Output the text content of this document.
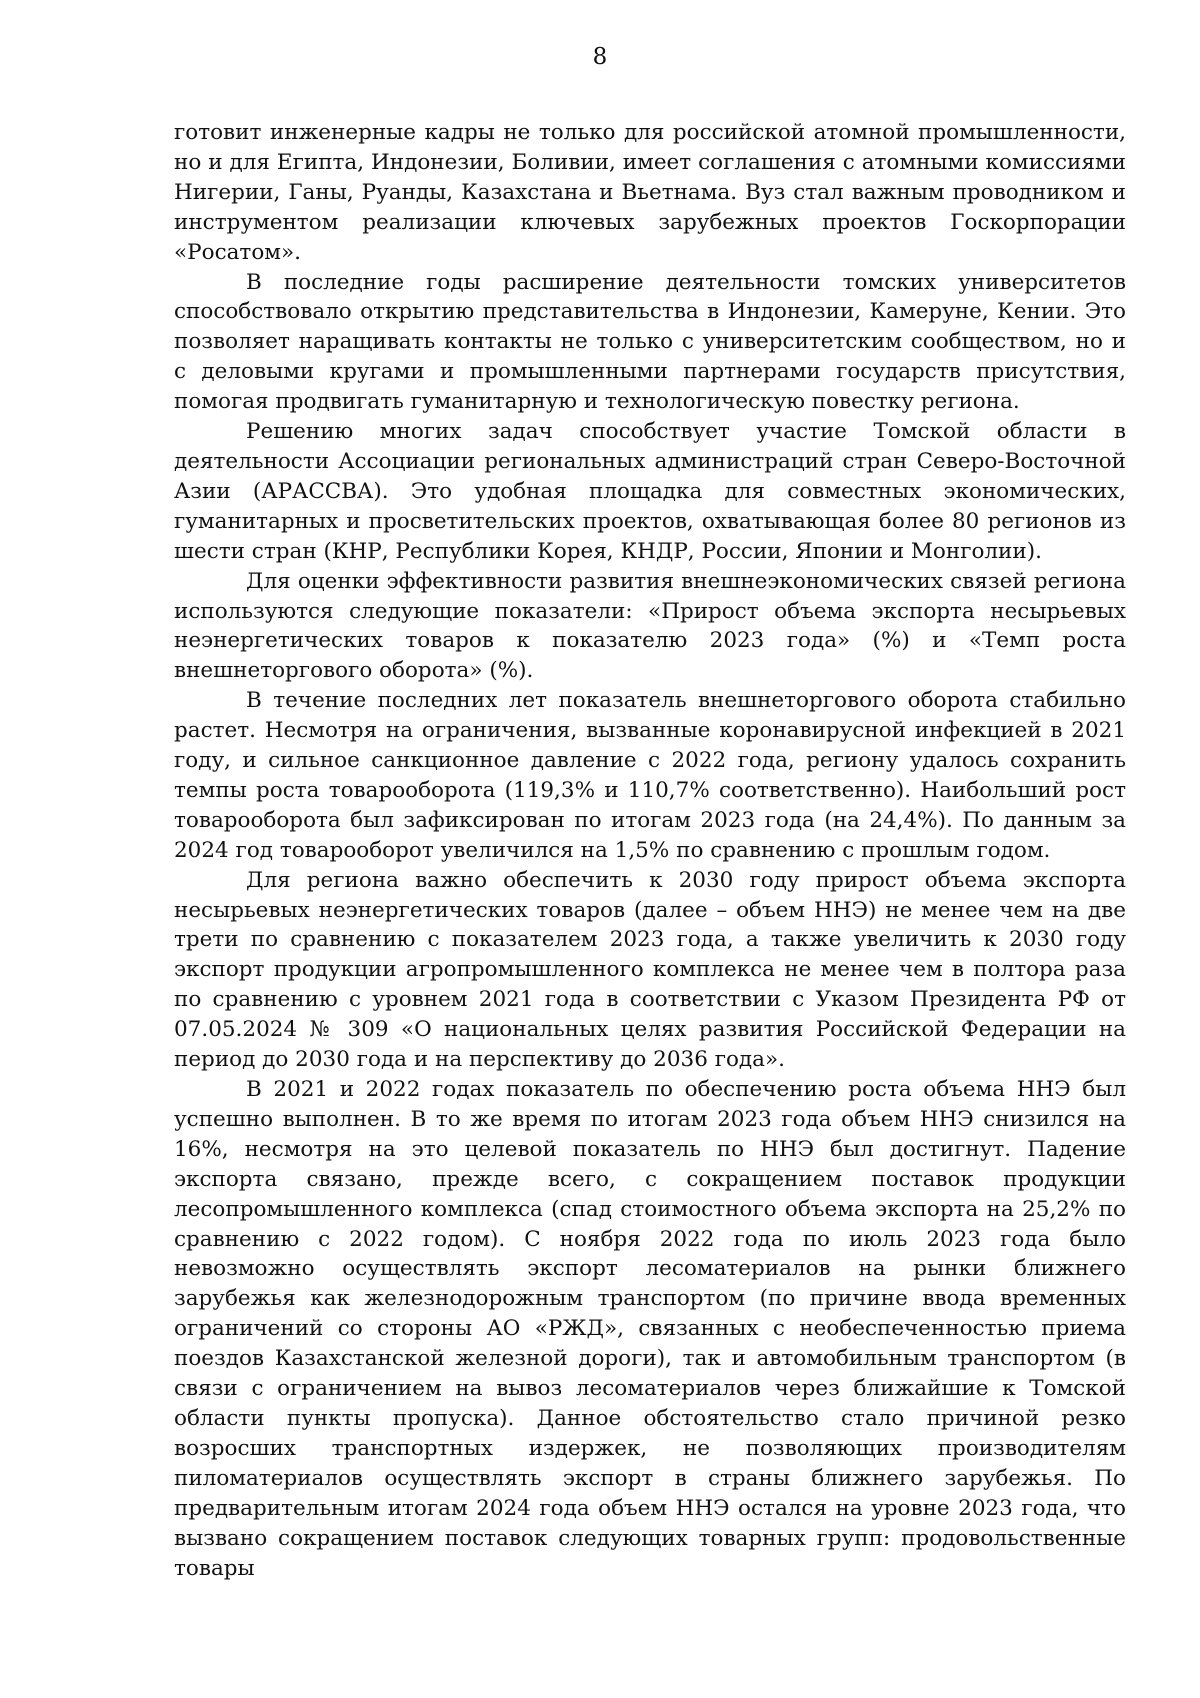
8

готовит инженерные кадры не только для российской атомной промышленности, но и для Египта, Индонезии, Боливии, имеет соглашения с атомными комиссиями Нигерии, Ганы, Руанды, Казахстана и Вьетнама. Вуз стал важным проводником и инструментом реализации ключевых зарубежных проектов Госкорпорации «Росатом».

В последние годы расширение деятельности томских университетов способствовало открытию представительства в Индонезии, Камеруне, Кении. Это позволяет наращивать контакты не только с университетским сообществом, но и с деловыми кругами и промышленными партнерами государств присутствия, помогая продвигать гуманитарную и технологическую повестку региона.

Решению многих задач способствует участие Томской области в деятельности Ассоциации региональных администраций стран Северо-Восточной Азии (АРАССВА). Это удобная площадка для совместных экономических, гуманитарных и просветительских проектов, охватывающая более 80 регионов из шести стран (КНР, Республики Корея, КНДР, России, Японии и Монголии).

Для оценки эффективности развития внешнеэкономических связей региона используются следующие показатели: «Прирост объема экспорта несырьевых неэнергетических товаров к показателю 2023 года» (%) и «Темп роста внешнеторгового оборота» (%).

В течение последних лет показатель внешнеторгового оборота стабильно растет. Несмотря на ограничения, вызванные коронавирусной инфекцией в 2021 году, и сильное санкционное давление с 2022 года, региону удалось сохранить темпы роста товарооборота (119,3% и 110,7% соответственно). Наибольший рост товарооборота был зафиксирован по итогам 2023 года (на 24,4%). По данным за 2024 год товарооборот увеличился на 1,5% по сравнению с прошлым годом.

Для региона важно обеспечить к 2030 году прирост объема экспорта несырьевых неэнергетических товаров (далее – объем ННЭ) не менее чем на две трети по сравнению с показателем 2023 года, а также увеличить к 2030 году экспорт продукции агропромышленного комплекса не менее чем в полтора раза по сравнению с уровнем 2021 года в соответствии с Указом Президента РФ от 07.05.2024 № 309 «О национальных целях развития Российской Федерации на период до 2030 года и на перспективу до 2036 года».

В 2021 и 2022 годах показатель по обеспечению роста объема ННЭ был успешно выполнен. В то же время по итогам 2023 года объем ННЭ снизился на 16%, несмотря на это целевой показатель по ННЭ был достигнут. Падение экспорта связано, прежде всего, с сокращением поставок продукции лесопромышленного комплекса (спад стоимостного объема экспорта на 25,2% по сравнению с 2022 годом). С ноября 2022 года по июль 2023 года было невозможно осуществлять экспорт лесоматериалов на рынки ближнего зарубежья как железнодорожным транспортом (по причине ввода временных ограничений со стороны АО «РЖД», связанных с необеспеченностью приема поездов Казахстанской железной дороги), так и автомобильным транспортом (в связи с ограничением на вывоз лесоматериалов через ближайшие к Томской области пункты пропуска). Данное обстоятельство стало причиной резко возросших транспортных издержек, не позволяющих производителям пиломатериалов осуществлять экспорт в страны ближнего зарубежья. По предварительным итогам 2024 года объем ННЭ остался на уровне 2023 года, что вызвано сокращением поставок следующих товарных групп: продовольственные товары
